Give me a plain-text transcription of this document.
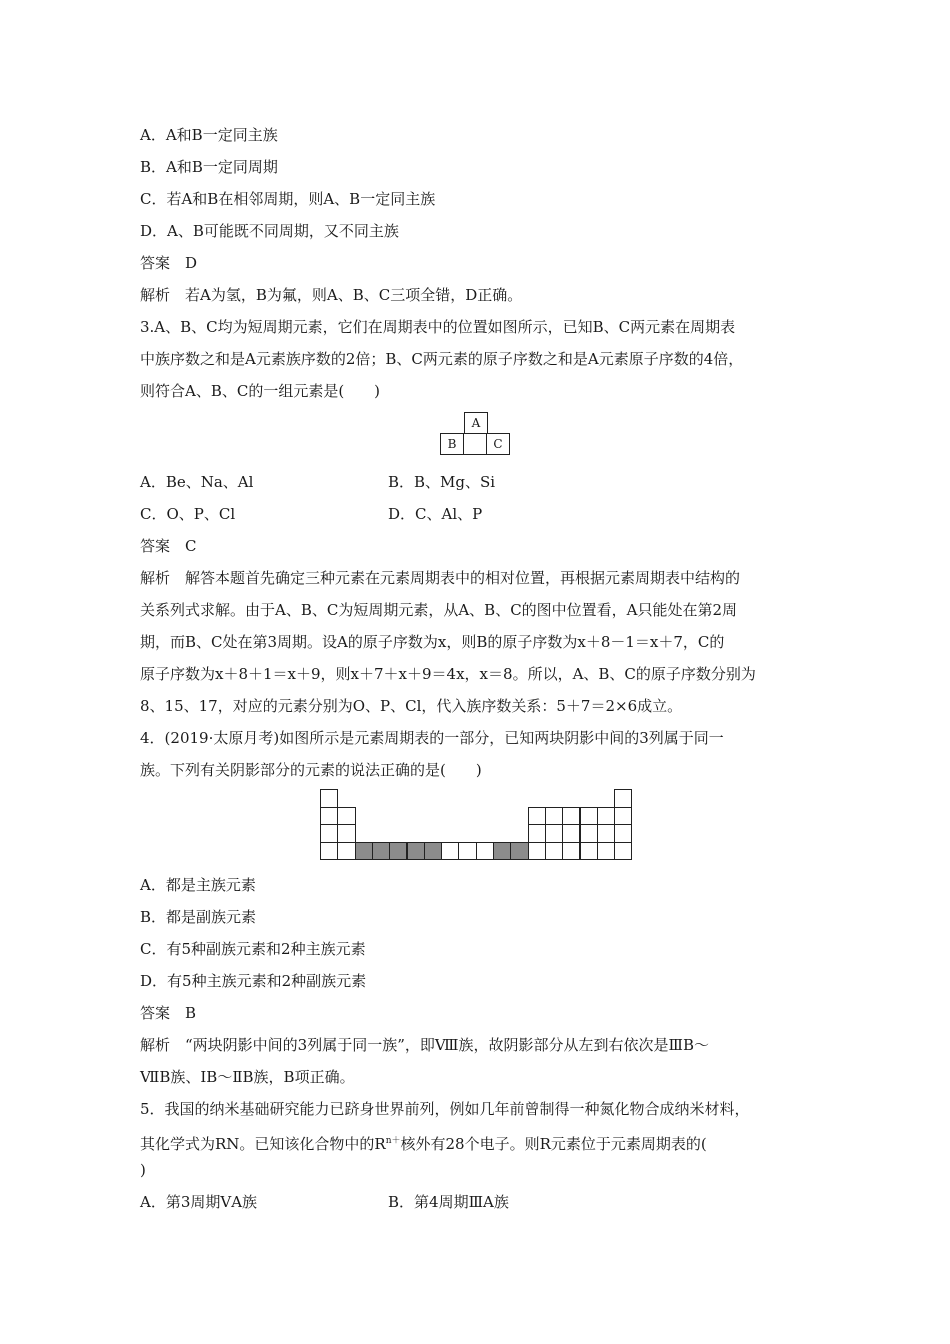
A．A和B一定同主族
B．A和B一定同周期
C．若A和B在相邻周期，则A、B一定同主族
D．A、B可能既不同周期，又不同主族
答案　D
解析　若A为氢，B为氟，则A、B、C三项全错，D正确。
3.A、B、C均为短周期元素，它们在周期表中的位置如图所示，已知B、C两元素在周期表
中族序数之和是A元素族序数的2倍；B、C两元素的原子序数之和是A元素原子序数的4倍，
则符合A、B、C的一组元素是(　　)
A
B	C
A．Be、Na、Al	B．B、Mg、Si
C．O、P、Cl	D．C、Al、P
答案　C
解析　解答本题首先确定三种元素在元素周期表中的相对位置，再根据元素周期表中结构的
关系列式求解。由于A、B、C为短周期元素，从A、B、C的图中位置看，A只能处在第2周
期，而B、C处在第3周期。设A的原子序数为x，则B的原子序数为x＋8－1＝x＋7，C的
原子序数为x＋8＋1＝x＋9，则x＋7＋x＋9＝4x，x＝8。所以，A、B、C的原子序数分别为
8、15、17，对应的元素分别为O、P、Cl，代入族序数关系：5＋7＝2×6成立。
4．(2019·太原月考)如图所示是元素周期表的一部分，已知两块阴影中间的3列属于同一
族。下列有关阴影部分的元素的说法正确的是(　　)
A．都是主族元素
B．都是副族元素
C．有5种副族元素和2种主族元素
D．有5种主族元素和2种副族元素
答案　B
解析　“两块阴影中间的3列属于同一族”，即Ⅷ族，故阴影部分从左到右依次是ⅢB～
ⅦB族、ⅠB～ⅡB族，B项正确。
5．我国的纳米基础研究能力已跻身世界前列，例如几年前曾制得一种氮化物合成纳米材料，
其化学式为RN。已知该化合物中的$R^{n+}$核外有28个电子。则R元素位于元素周期表的(
)
A．第3周期ⅤA族	B．第4周期ⅢA族
